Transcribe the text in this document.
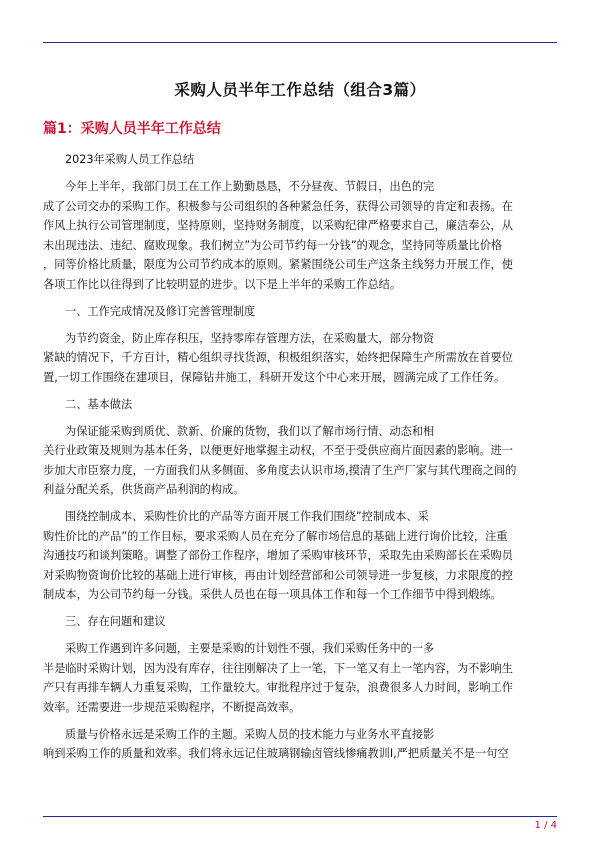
采购人员半年工作总结（组合3篇）
篇1：采购人员半年工作总结

2023年采购人员工作总结

今年上半年，我部门员工在工作上勤勤恳恳，不分昼夜、节假日，出色的完
成了公司交办的采购工作。积极参与公司组织的各种紧急任务，获得公司领导的肯定和表扬。在
作风上执行公司管理制度，坚持原则，坚持财务制度，以采购纪律严格要求自己，廉洁奉公，从
未出现违法、违纪、腐败现象。我们树立”为公司节约每一分钱”的观念，坚持同等质量比价格
，同等价格比质量，限度为公司节约成本的原则。紧紧围绕公司生产这条主线努力开展工作，使
各项工作比以往得到了比较明显的进步。以下是上半年的采购工作总结。

一、工作完成情况及修订完善管理制度

为节约资金，防止库存积压，坚持零库存管理方法，在采购量大，部分物资
紧缺的情况下，千方百计，精心组织寻找货源，积极组织落实，始终把保障生产所需放在首要位
置,一切工作围绕在建项目，保障钻井施工，科研开发这个中心来开展，圆满完成了工作任务。

二、基本做法

为保证能采购到质优、款新、价廉的货物，我们以了解市场行情、动态和相
关行业政策及规则为基本任务，以便更好地掌握主动权，不至于受供应商片面因素的影响。进一
步加大市臣察力度，一方面我们从多侧面、多角度去认识市场,摸清了生产厂家与其代理商之间的
利益分配关系，供货商产品利润的构成。

围绕控制成本、采购性价比的产品等方面开展工作我们围绕”控制成本、采
购性价比的产品”的工作目标，要求采购人员在充分了解市场信息的基础上进行询价比较，注重
沟通技巧和谈判策略。调整了部份工作程序，增加了采购审核环节，采取先由采购部长在采购员
对采购物资询价比较的基础上进行审核，再由计划经营部和公司领导进一步复核，力求限度的控
制成本，为公司节约每一分钱。采供人员也在每一项具体工作和每一个工作细节中得到煅练。

三、存在问题和建议

采购工作遇到许多问题，主要是采购的计划性不强，我们采购任务中的一多
半是临时采购计划，因为没有库存，往往刚解决了上一笔，下一笔又有上一笔内容，为不影响生
产只有再排车辆人力重复采购，工作量较大。审批程序过于复杂，浪费很多人力时间，影响工作
效率。还需要进一步规范采购程序，不断提高效率。

质量与价格永远是采购工作的主题。采购人员的技术能力与业务水平直接影
响到采购工作的质量和效率。我们将永远记住玻璃钢输卤管线惨痛教训I,严把质量关不是一句空

1 / 4
